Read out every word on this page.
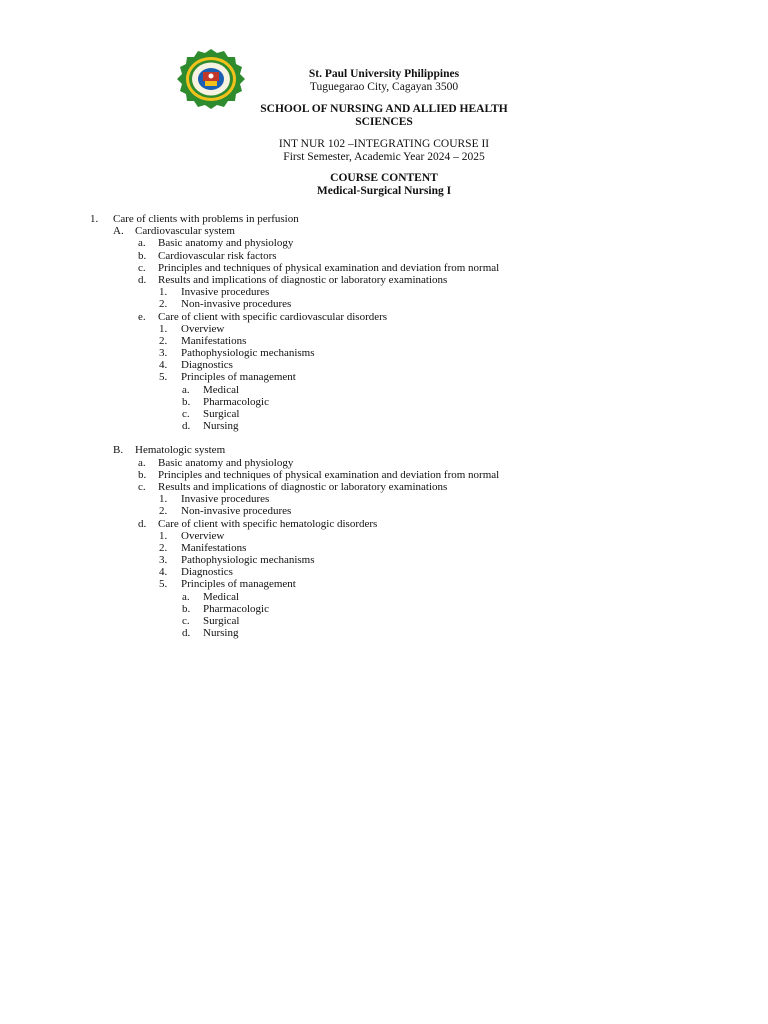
St. Paul University Philippines
Tuguegarao City, Cagayan 3500
SCHOOL OF NURSING AND ALLIED HEALTH
SCIENCES
INT NUR 102 –INTEGRATING COURSE II
First Semester, Academic Year 2024 – 2025
COURSE CONTENT
Medical-Surgical Nursing I
1. Care of clients with problems in perfusion
A. Cardiovascular system
a. Basic anatomy and physiology
b. Cardiovascular risk factors
c. Principles and techniques of physical examination and deviation from normal
d. Results and implications of diagnostic or laboratory examinations
1. Invasive procedures
2. Non-invasive procedures
e. Care of client with specific cardiovascular disorders
1. Overview
2. Manifestations
3. Pathophysiologic mechanisms
4. Diagnostics
5. Principles of management
a. Medical
b. Pharmacologic
c. Surgical
d. Nursing
B. Hematologic system
a. Basic anatomy and physiology
b. Principles and techniques of physical examination and deviation from normal
c. Results and implications of diagnostic or laboratory examinations
1. Invasive procedures
2. Non-invasive procedures
d. Care of client with specific hematologic disorders
1. Overview
2. Manifestations
3. Pathophysiologic mechanisms
4. Diagnostics
5. Principles of management
a. Medical
b. Pharmacologic
c. Surgical
d. Nursing
